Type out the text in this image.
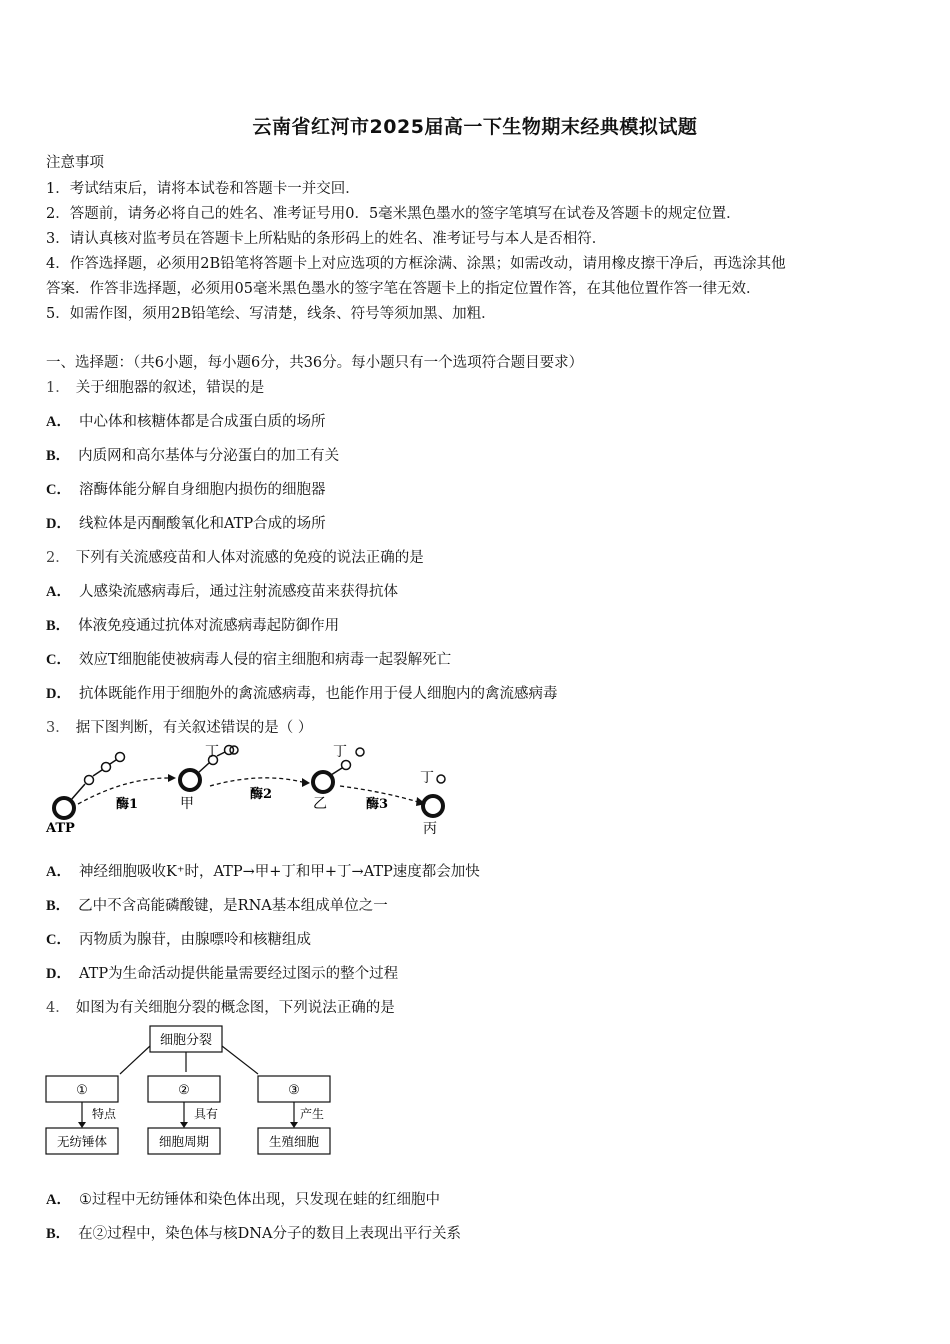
云南省红河市2025届高一下生物期末经典模拟试题
注意事项
1．考试结束后，请将本试卷和答题卡一并交回．
2．答题前，请务必将自己的姓名、准考证号用0．5毫米黑色墨水的签字笔填写在试卷及答题卡的规定位置．
3．请认真核对监考员在答题卡上所粘贴的条形码上的姓名、准考证号与本人是否相符．
4．作答选择题，必须用2B铅笔将答题卡上对应选项的方框涂满、涂黑；如需改动，请用橡皮擦干净后，再选涂其他
答案．作答非选择题，必须用05毫米黑色墨水的签字笔在答题卡上的指定位置作答，在其他位置作答一律无效．
5．如需作图，须用2B铅笔绘、写清楚，线条、符号等须加黑、加粗．
一、选择题：（共6小题，每小题6分，共36分。每小题只有一个选项符合题目要求）
1． 关于细胞器的叙述，错误的是
A． 中心体和核糖体都是合成蛋白质的场所
B． 内质网和高尔基体与分泌蛋白的加工有关
C． 溶酶体能分解自身细胞内损伤的细胞器
D． 线粒体是丙酮酸氧化和ATP合成的场所
2． 下列有关流感疫苗和人体对流感的免疫的说法正确的是
A． 人感染流感病毒后，通过注射流感疫苗来获得抗体
B． 体液免疫通过抗体对流感病毒起防御作用
C． 效应T细胞能使被病毒人侵的宿主细胞和病毒一起裂解死亡
D． 抗体既能作用于细胞外的禽流感病毒，也能作用于侵人细胞内的禽流感病毒
3． 据下图判断，有关叙述错误的是（ ）
ATP
酶1	甲
丁
酶2
乙
丁
酶3
丙
丁
A． 神经细胞吸收K⁺时，ATP→甲+丁和甲+丁→ATP速度都会加快
B． 乙中不含高能磷酸键，是RNA基本组成单位之一
C． 丙物质为腺苷，由腺嘌呤和核糖组成
D． ATP为生命活动提供能量需要经过图示的整个过程
4． 如图为有关细胞分裂的概念图，下列说法正确的是
细胞分裂
①	②	③
特点	具有	产生
无纺锤体	细胞周期	生殖细胞
A． ①过程中无纺锤体和染色体出现，只发现在蛙的红细胞中
B． 在②过程中，染色体与核DNA分子的数目上表现出平行关系
